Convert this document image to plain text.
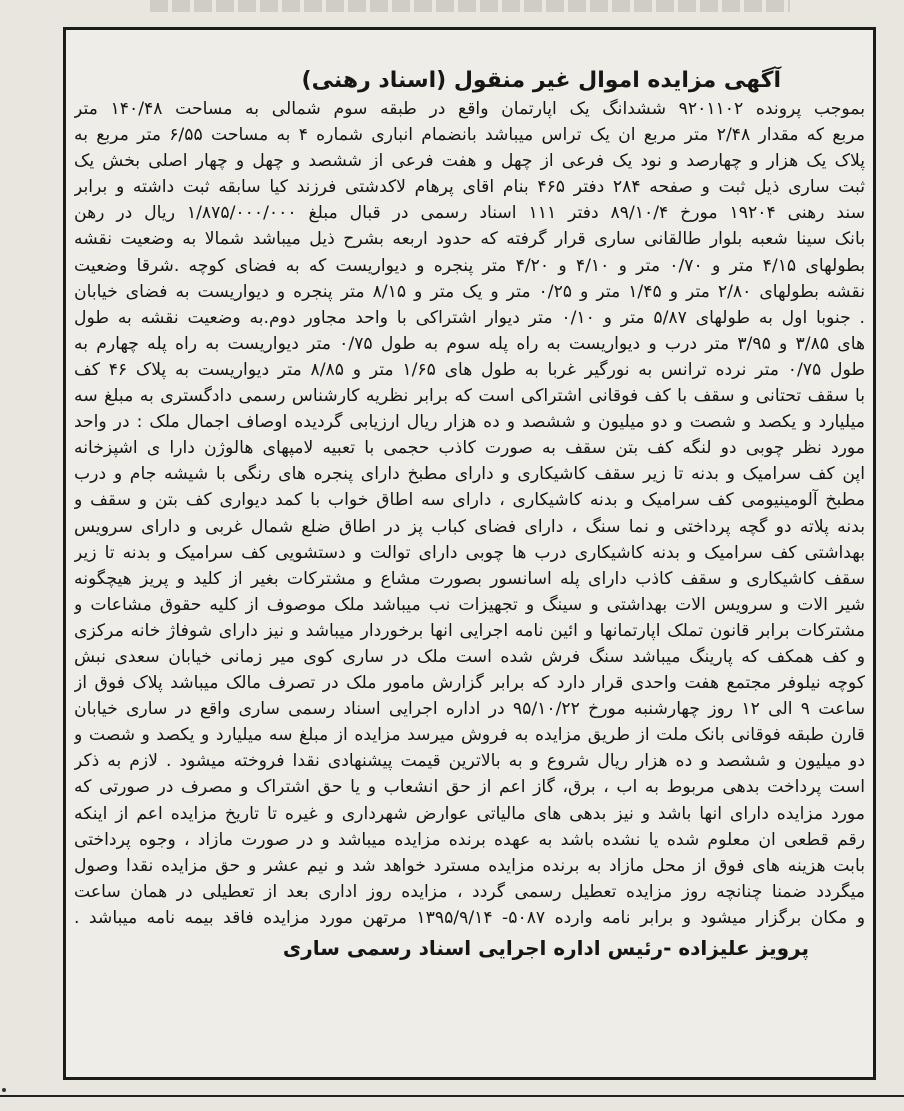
آگهی مزایده اموال غیر منقول (اسناد رهنی)
بموجب پرونده ۹۲۰۱۱۰۲ ششدانگ یک اپارتمان واقع در طبقه سوم شمالی به مساحت ۱۴۰/۴۸ متر
مربع که مقدار ۲/۴۸ متر مربع ان یک تراس میباشد بانضمام انباری شماره ۴ به مساحت ۶/۵۵ متر مربع به
پلاک یک هزار و چهارصد و نود یک فرعی از چهل و هفت فرعی از ششصد و چهل و چهار اصلی بخش یک
ثبت ساری ذیل ثبت و صفحه ۲۸۴ دفتر ۴۶۵ بنام اقای پرهام لاکدشتی فرزند کیا سابقه ثبت داشته و برابر
سند رهنی ۱۹۲۰۴ مورخ ۸۹/۱۰/۴ دفتر ۱۱۱ اسناد رسمی در قبال مبلغ ۱/۸۷۵/۰۰۰/۰۰۰ ریال در رهن
بانک سینا شعبه بلوار طالقانی ساری قرار گرفته که حدود اربعه بشرح ذیل میباشد شمالا به وضعیت نقشه
بطولهای ۴/۱۵ متر و ۰/۷۰ متر و ۴/۱۰ و ۴/۲۰ متر پنجره و دیواریست که به فضای کوچه .شرقا وضعیت
نقشه بطولهای ۲/۸۰ متر و ۱/۴۵ متر و ۰/۲۵ متر و یک متر و ۸/۱۵ متر پنجره و دیواریست به فضای خیابان
. جنوبا اول به طولهای ۵/۸۷ متر و ۰/۱۰ متر دیوار اشتراکی با واحد مجاور دوم.به وضعیت نقشه به طول
های ۳/۸۵ و ۳/۹۵ متر درب و دیواریست به راه پله سوم به طول ۰/۷۵ متر دیواریست به راه پله چهارم به
طول ۰/۷۵ متر نرده ترانس به نورگیر غربا به طول های ۱/۶۵ متر و ۸/۸۵ متر دیواریست به پلاک ۴۶ کف
با سقف تحتانی و سقف با کف فوقانی اشتراکی است که برابر نظریه کارشناس رسمی دادگستری به مبلغ سه
میلیارد و یکصد و شصت و دو میلیون و ششصد و ده هزار ریال ارزیابی گردیده اوصاف اجمال ملک : در واحد
مورد نظر چوبی دو لنگه کف بتن سقف به صورت کاذب حجمی با تعبیه لامپهای هالوژن دارا ی اشپزخانه
اپن کف سرامیک و بدنه تا زیر سقف کاشیکاری و دارای مطبخ دارای پنجره های رنگی با شیشه جام و درب
مطبخ آلومینیومی کف سرامیک و بدنه کاشیکاری ، دارای سه اطاق خواب با کمد دیواری کف بتن و سقف و
بدنه پلاته دو گچه پرداختی و نما سنگ ، دارای فضای کباب پز در اطاق ضلع شمال غربی و دارای سرویس
بهداشتی کف سرامیک و بدنه کاشیکاری درب ها چوبی دارای توالت و دستشویی کف سرامیک و بدنه تا زیر
سقف کاشیکاری و سقف کاذب دارای پله اسانسور بصورت مشاع و مشترکات بغیر از کلید و پریز هیچگونه
شیر الات و سرویس الات بهداشتی و سینگ و تجهیزات نب میباشد ملک موصوف از کلیه حقوق مشاعات و
مشترکات برابر قانون تملک اپارتمانها و ائین نامه اجرایی انها برخوردار میباشد و نیز دارای شوفاژ خانه مرکزی
و کف همکف که پارینگ میباشد سنگ فرش شده است ملک در ساری کوی میر زمانی خیابان سعدی نبش
کوچه نیلوفر مجتمع هفت واحدی قرار دارد که برابر گزارش مامور ملک در تصرف مالک میباشد پلاک فوق از
ساعت ۹ الی ۱۲ روز چهارشنبه مورخ ۹۵/۱۰/۲۲ در اداره اجرایی اسناد رسمی ساری واقع در ساری خیابان
قارن طبقه فوقانی بانک ملت از طریق مزایده به فروش میرسد مزایده از مبلغ سه میلیارد و یکصد و شصت و
دو میلیون و ششصد و ده هزار ریال شروع و به بالاترین قیمت پیشنهادی نقدا فروخته میشود . لازم به ذکر
است پرداخت بدهی مربوط به اب ، برق، گاز اعم از حق انشعاب و یا حق اشتراک و مصرف در صورتی که
مورد مزایده دارای انها باشد و نیز بدهی های مالیاتی عوارض شهرداری و غیره تا تاریخ مزایده اعم از اینکه
رقم قطعی ان معلوم شده یا نشده باشد به عهده برنده مزایده میباشد و در صورت مازاد ، وجوه پرداختی
بابت هزینه های فوق از محل مازاد به برنده مزایده مسترد خواهد شد و نیم عشر و حق مزایده نقدا وصول
میگردد ضمنا چنانچه روز مزایده تعطیل رسمی گردد ، مزایده روز اداری بعد از تعطیلی در همان ساعت
و مکان برگزار میشود و برابر نامه وارده ۵۰۸۷- ۱۳۹۵/۹/۱۴ مرتهن مورد مزایده فاقد بیمه نامه میباشد .
پرویز علیزاده -رئیس اداره اجرایی اسناد رسمی ساری
